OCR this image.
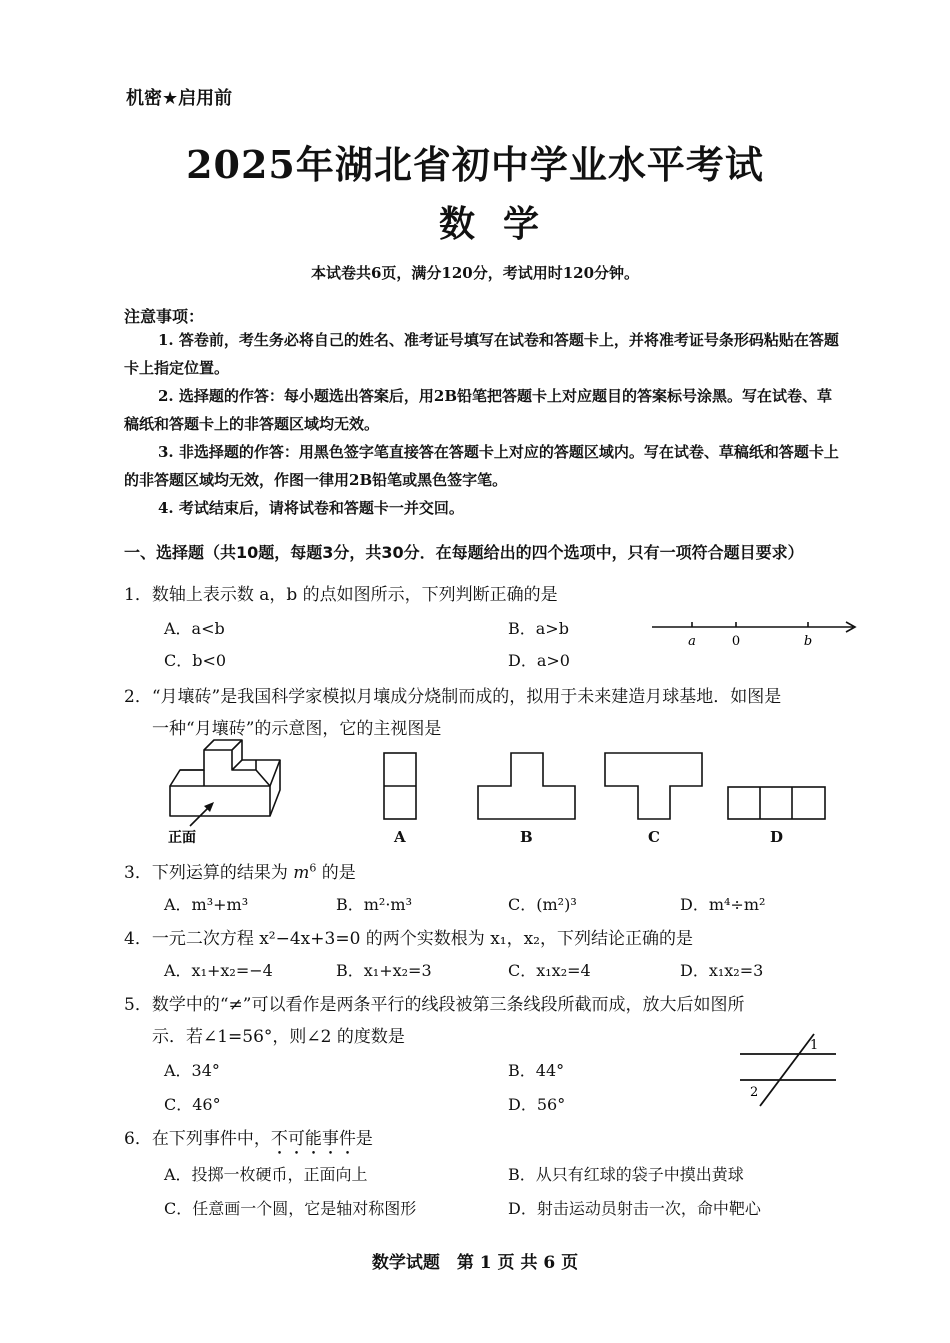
机密★启用前
2025年湖北省初中学业水平考试
数学
本试卷共6页，满分120分，考试用时120分钟。
注意事项：
1. 答卷前，考生务必将自己的姓名、准考证号填写在试卷和答题卡上，并将准考证号条形码粘贴在答题卡上指定位置。
2. 选择题的作答：每小题选出答案后，用2B铅笔把答题卡上对应题目的答案标号涂黑。写在试卷、草稿纸和答题卡上的非答题区域均无效。
3. 非选择题的作答：用黑色签字笔直接答在答题卡上对应的答题区域内。写在试卷、草稿纸和答题卡上的非答题区域均无效，作图一律用2B铅笔或黑色签字笔。
4. 考试结束后，请将试卷和答题卡一并交回。
一、选择题（共10题，每题3分，共30分．在每题给出的四个选项中，只有一项符合题目要求）
1．数轴上表示数 a，b 的点如图所示，下列判断正确的是
A．a<b	B．a>b
C．b<0	D．a>0
a	0	b
2．“月壤砖”是我国科学家模拟月壤成分烧制而成的，拟用于未来建造月球基地．如图是
一种“月壤砖”的示意图，它的主视图是
正面	A	B	C	D
3．下列运算的结果为 $m^6$ 的是
A．m³+m³	B．m²·m³	C．(m²)³	D．m⁴÷m²
4．一元二次方程 x²−4x+3=0 的两个实数根为 x₁，x₂，下列结论正确的是
A．x₁+x₂=−4	B．x₁+x₂=3	C．x₁x₂=4	D．x₁x₂=3
5．数学中的“≠”可以看作是两条平行的线段被第三条线段所截而成，放大后如图所
示．若∠1=56°，则∠2 的度数是
A．34°	B．44°
C．46°	D．56°
1
2
6．在下列事件中，不可能事件是
A．投掷一枚硬币，正面向上	B．从只有红球的袋子中摸出黄球
C．任意画一个圆，它是轴对称图形	D．射击运动员射击一次，命中靶心
数学试题　第 1 页 共 6 页
